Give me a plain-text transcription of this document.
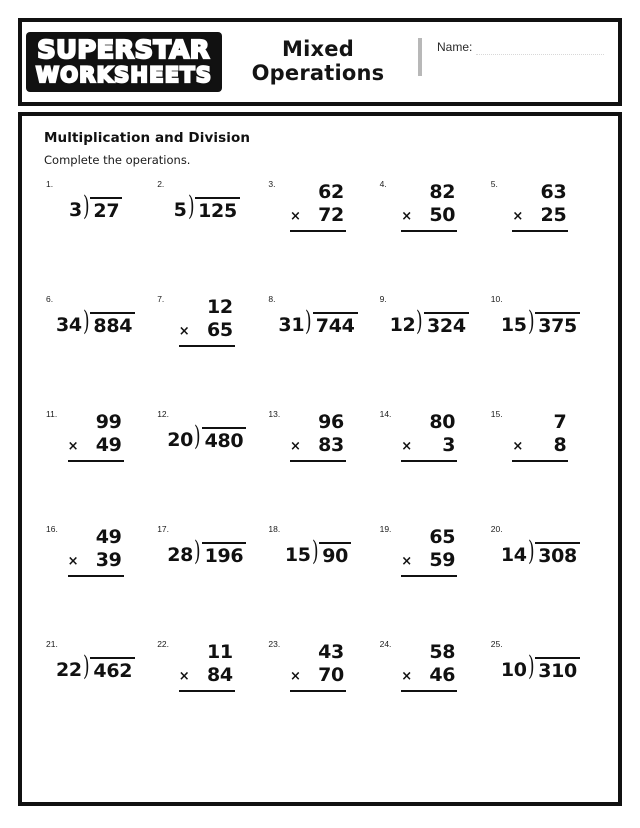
SUPERSTAR
WORKSHEETS
Mixed Operations
Name:
Multiplication and Division
Complete the operations.
1.
3 ) 27
2.
5 ) 125
3.	62
× 72
4.	82
× 50
5.	63
× 25
6.
34 ) 884
7.	12
× 65
8.
31 ) 744
9.
12 ) 324
10.
15 ) 375
11.	99
× 49
12.
20 ) 480
13.	96
× 83
14.	80
×	3
15.	7
×	8
16.	49
× 39
17.
28 ) 196
18.
15 ) 90
19.	65
× 59
20.
14 ) 308
21.
22 ) 462
22.	11
× 84
23.	43
× 70
24.	58
× 46
25.
10 ) 310
